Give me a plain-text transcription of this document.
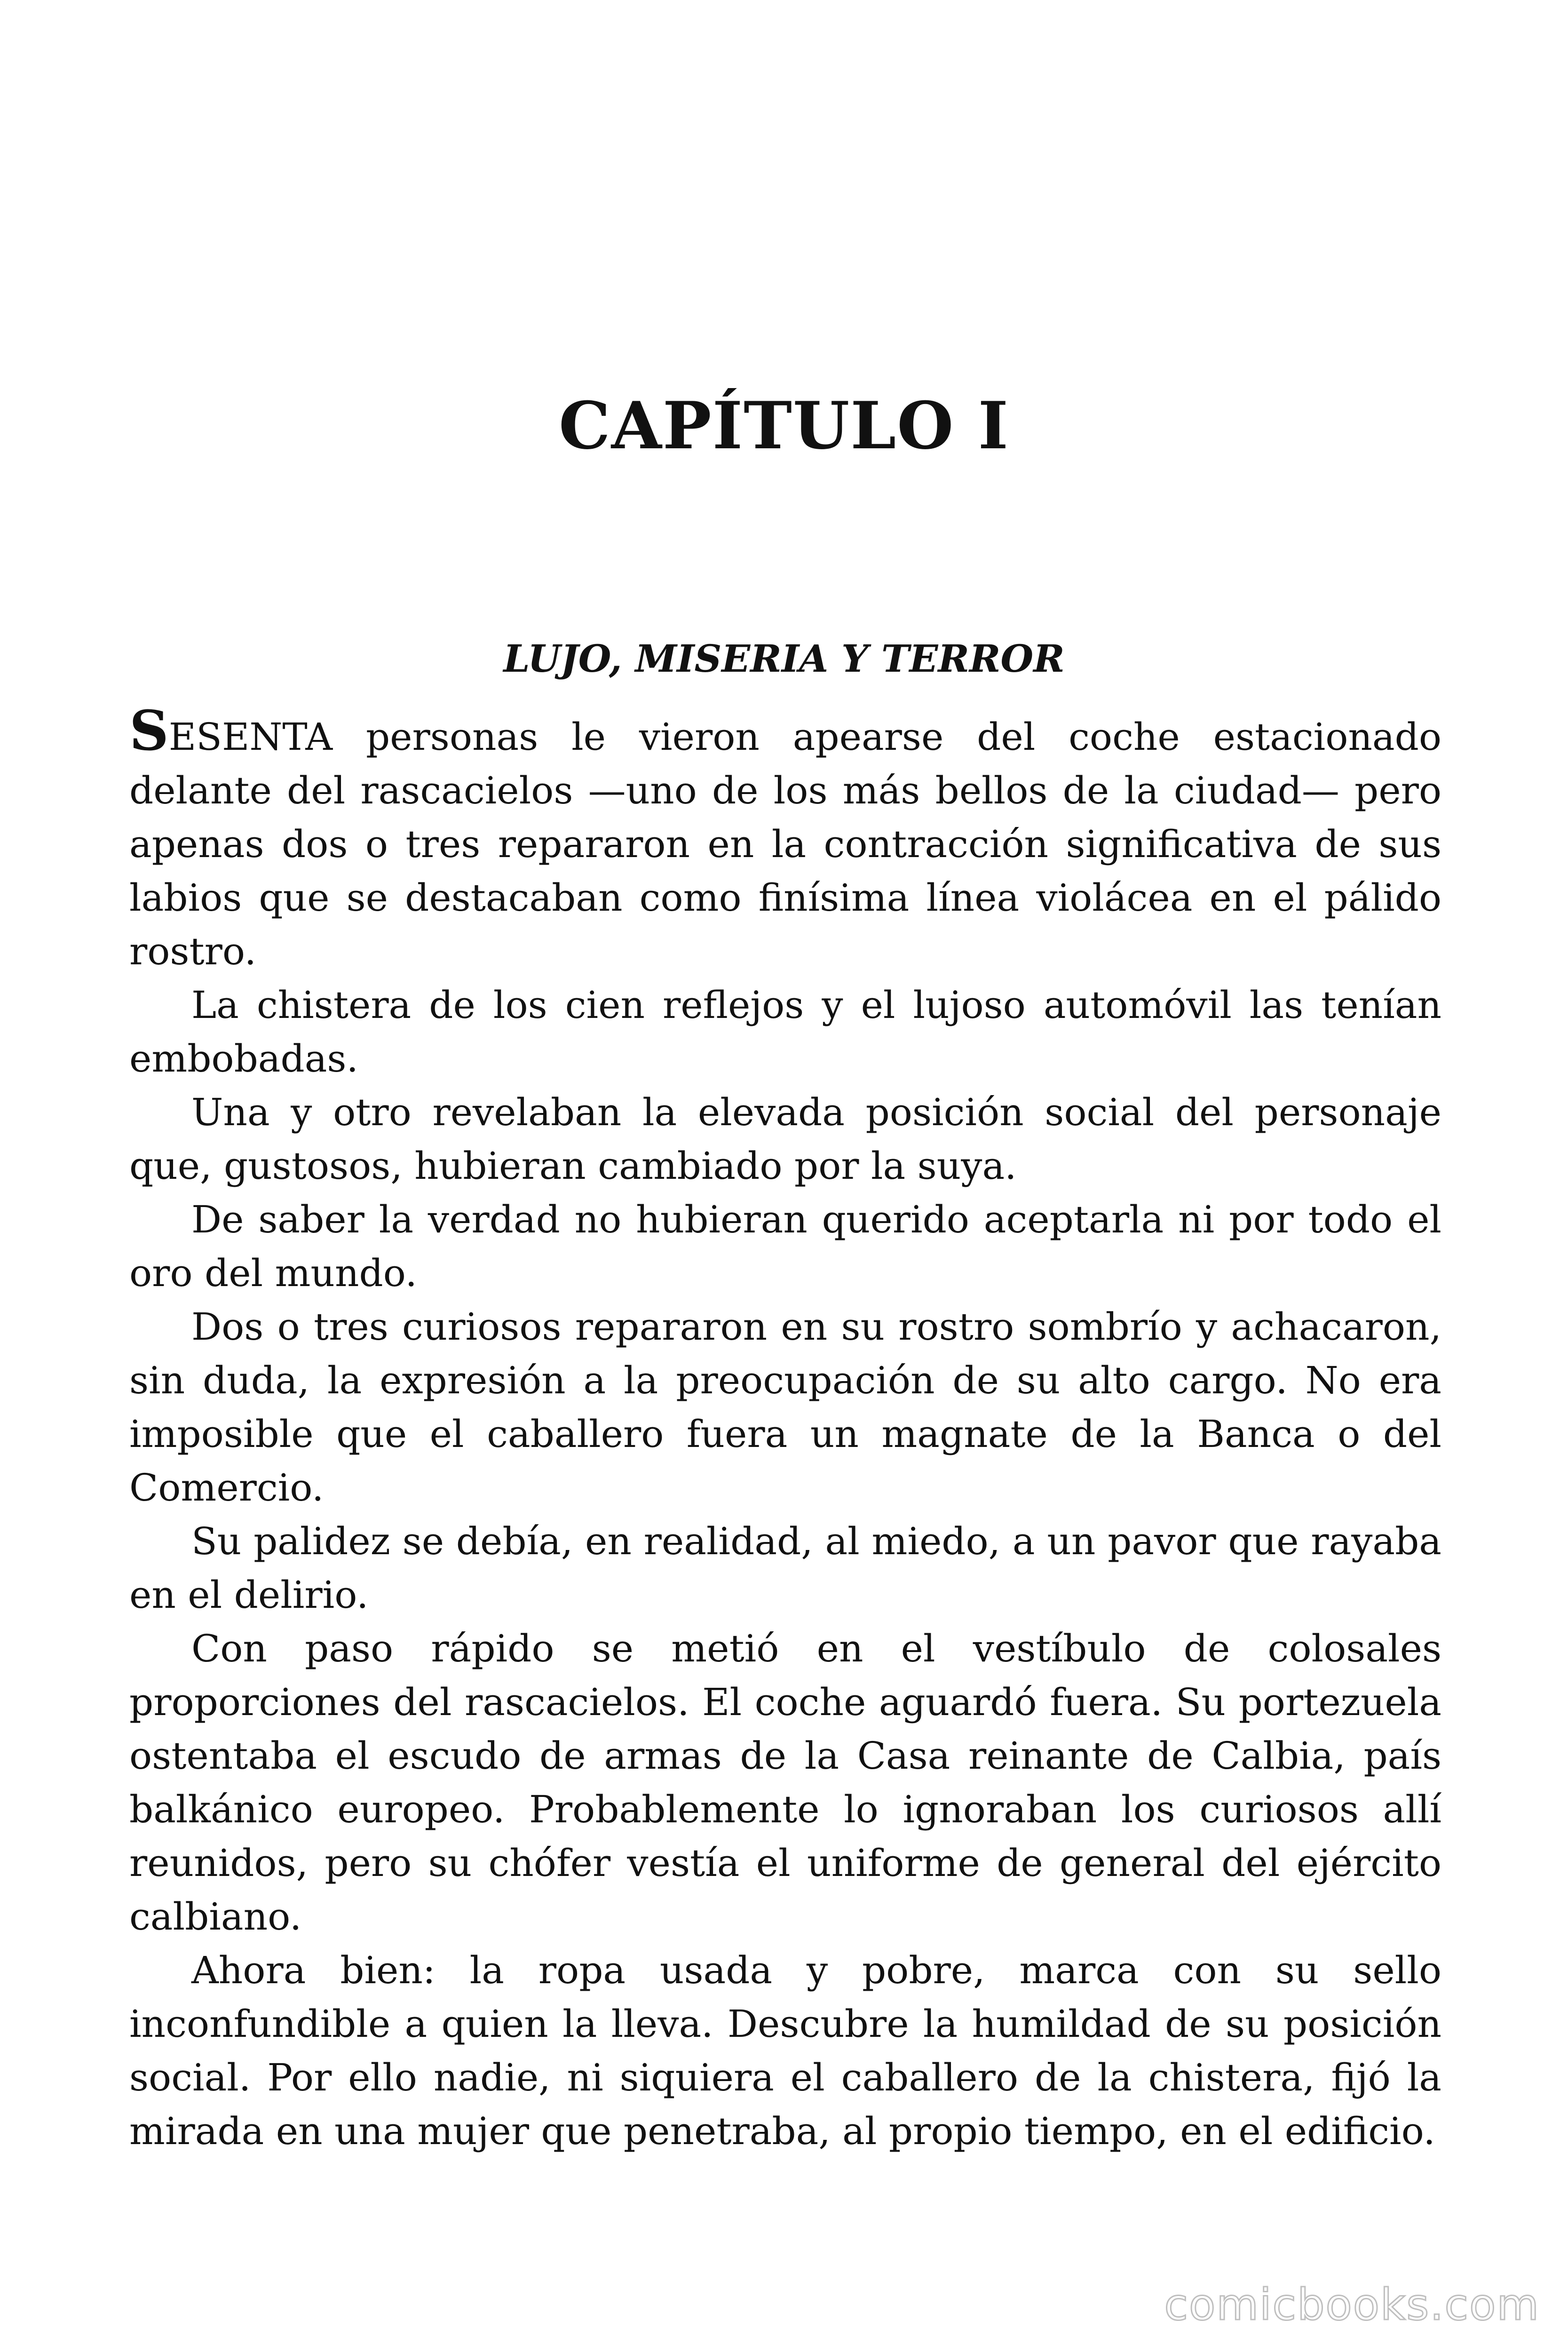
CAPÍTULO I
LUJO, MISERIA Y TERROR

SESENTA personas le vieron apearse del coche estacionado delante del rascacielos —uno de los más bellos de la ciudad— pero apenas dos o tres repararon en la contracción significativa de sus labios que se destacaban como finísima línea violácea en el pálido rostro.

La chistera de los cien reflejos y el lujoso automóvil las tenían embobadas.

Una y otro revelaban la elevada posición social del personaje que, gustosos, hubieran cambiado por la suya.

De saber la verdad no hubieran querido aceptarla ni por todo el oro del mundo.

Dos o tres curiosos repararon en su rostro sombrío y achacaron, sin duda, la expresión a la preocupación de su alto cargo. No era imposible que el caballero fuera un magnate de la Banca o del Comercio.

Su palidez se debía, en realidad, al miedo, a un pavor que rayaba en el delirio.

Con paso rápido se metió en el vestíbulo de colosales proporciones del rascacielos. El coche aguardó fuera. Su portezuela ostentaba el escudo de armas de la Casa reinante de Calbia, país balkánico europeo. Probablemente lo ignoraban los curiosos allí reunidos, pero su chófer vestía el uniforme de general del ejército calbiano.

Ahora bien: la ropa usada y pobre, marca con su sello inconfundible a quien la lleva. Descubre la humildad de su posición social. Por ello nadie, ni siquiera el caballero de la chistera, fijó la mirada en una mujer que penetraba, al propio tiempo, en el edificio.

comicbooks.com
